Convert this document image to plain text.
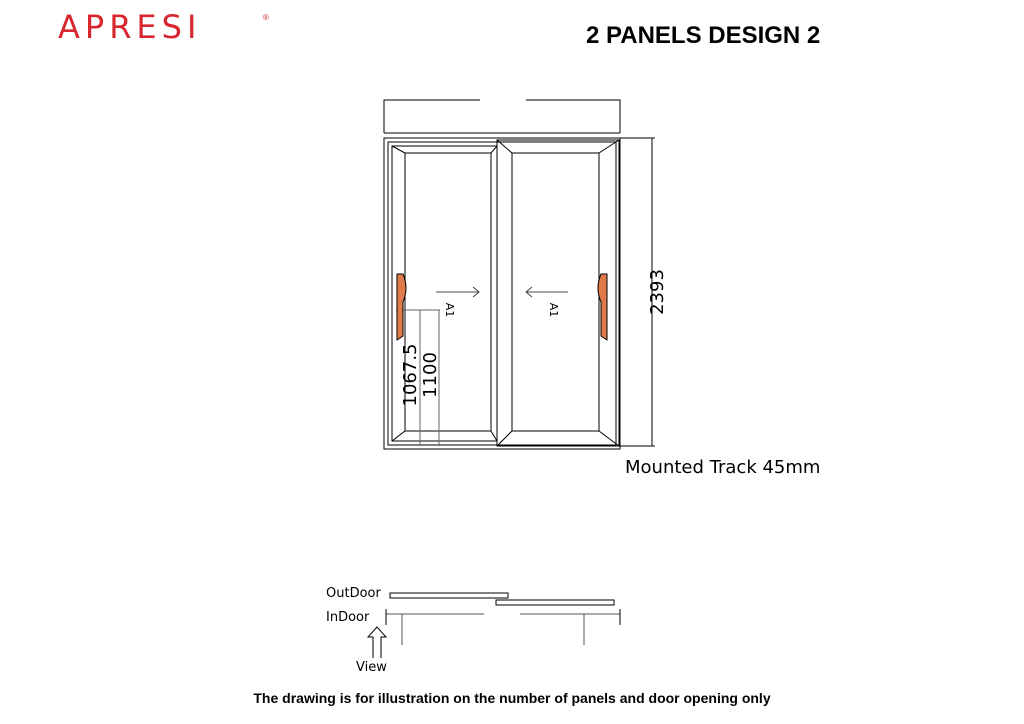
APRESI	®
2 PANELS DESIGN 2
2393
1067.5 1100
A1	A1
Mounted Track 45mm
OutDoor
InDoor
View
The drawing is for illustration on the number of panels and door opening only
